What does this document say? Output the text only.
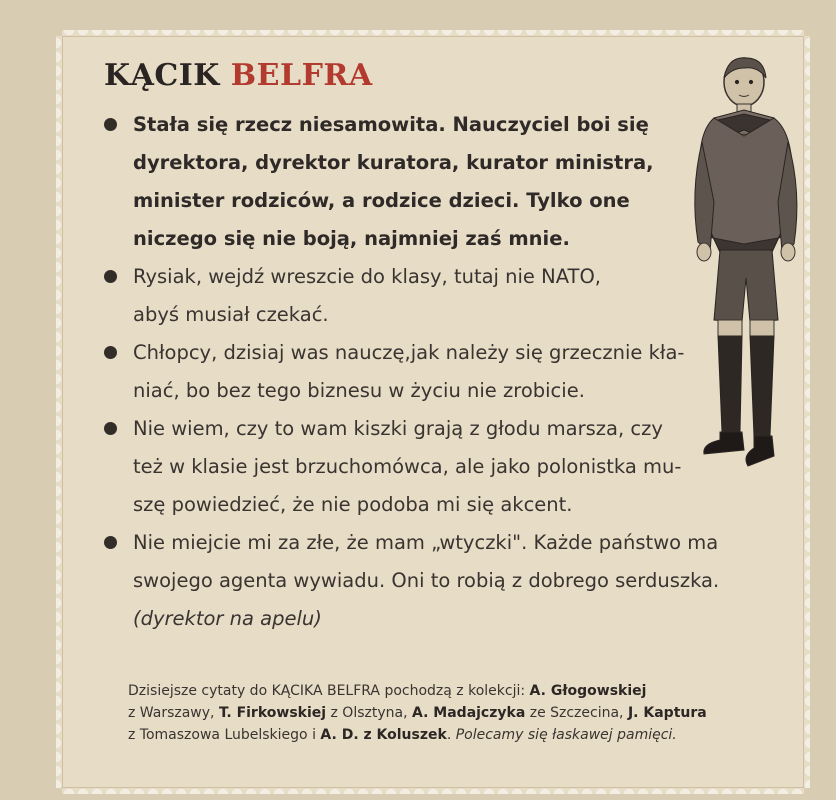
KĄCIK BELFRA
Stała się rzecz niesamowita. Nauczyciel boi się
dyrektora, dyrektor kuratora, kurator ministra,
minister rodziców, a rodzice dzieci. Tylko one
niczego się nie boją, najmniej zaś mnie.
Rysiak, wejdź wreszcie do klasy, tutaj nie NATO,
abyś musiał czekać.
Chłopcy, dzisiaj was nauczę,jak należy się grzecznie kła-
niać, bo bez tego biznesu w życiu nie zrobicie.
Nie wiem, czy to wam kiszki grają z głodu marsza, czy
też w klasie jest brzuchomówca, ale jako polonistka mu-
szę powiedzieć, że nie podoba mi się akcent.
Nie miejcie mi za złe, że mam „wtyczki". Każde państwo ma
swojego agenta wywiadu. Oni to robią z dobrego serduszka.
(dyrektor na apelu)
Dzisiejsze cytaty do KĄCIKA BELFRA pochodzą z kolekcji: A. Głogowskiej
z Warszawy, T. Firkowskiej z Olsztyna, A. Madajczyka ze Szczecina, J. Kaptura
z Tomaszowa Lubelskiego i A. D. z Koluszek. Polecamy się łaskawej pamięci.
